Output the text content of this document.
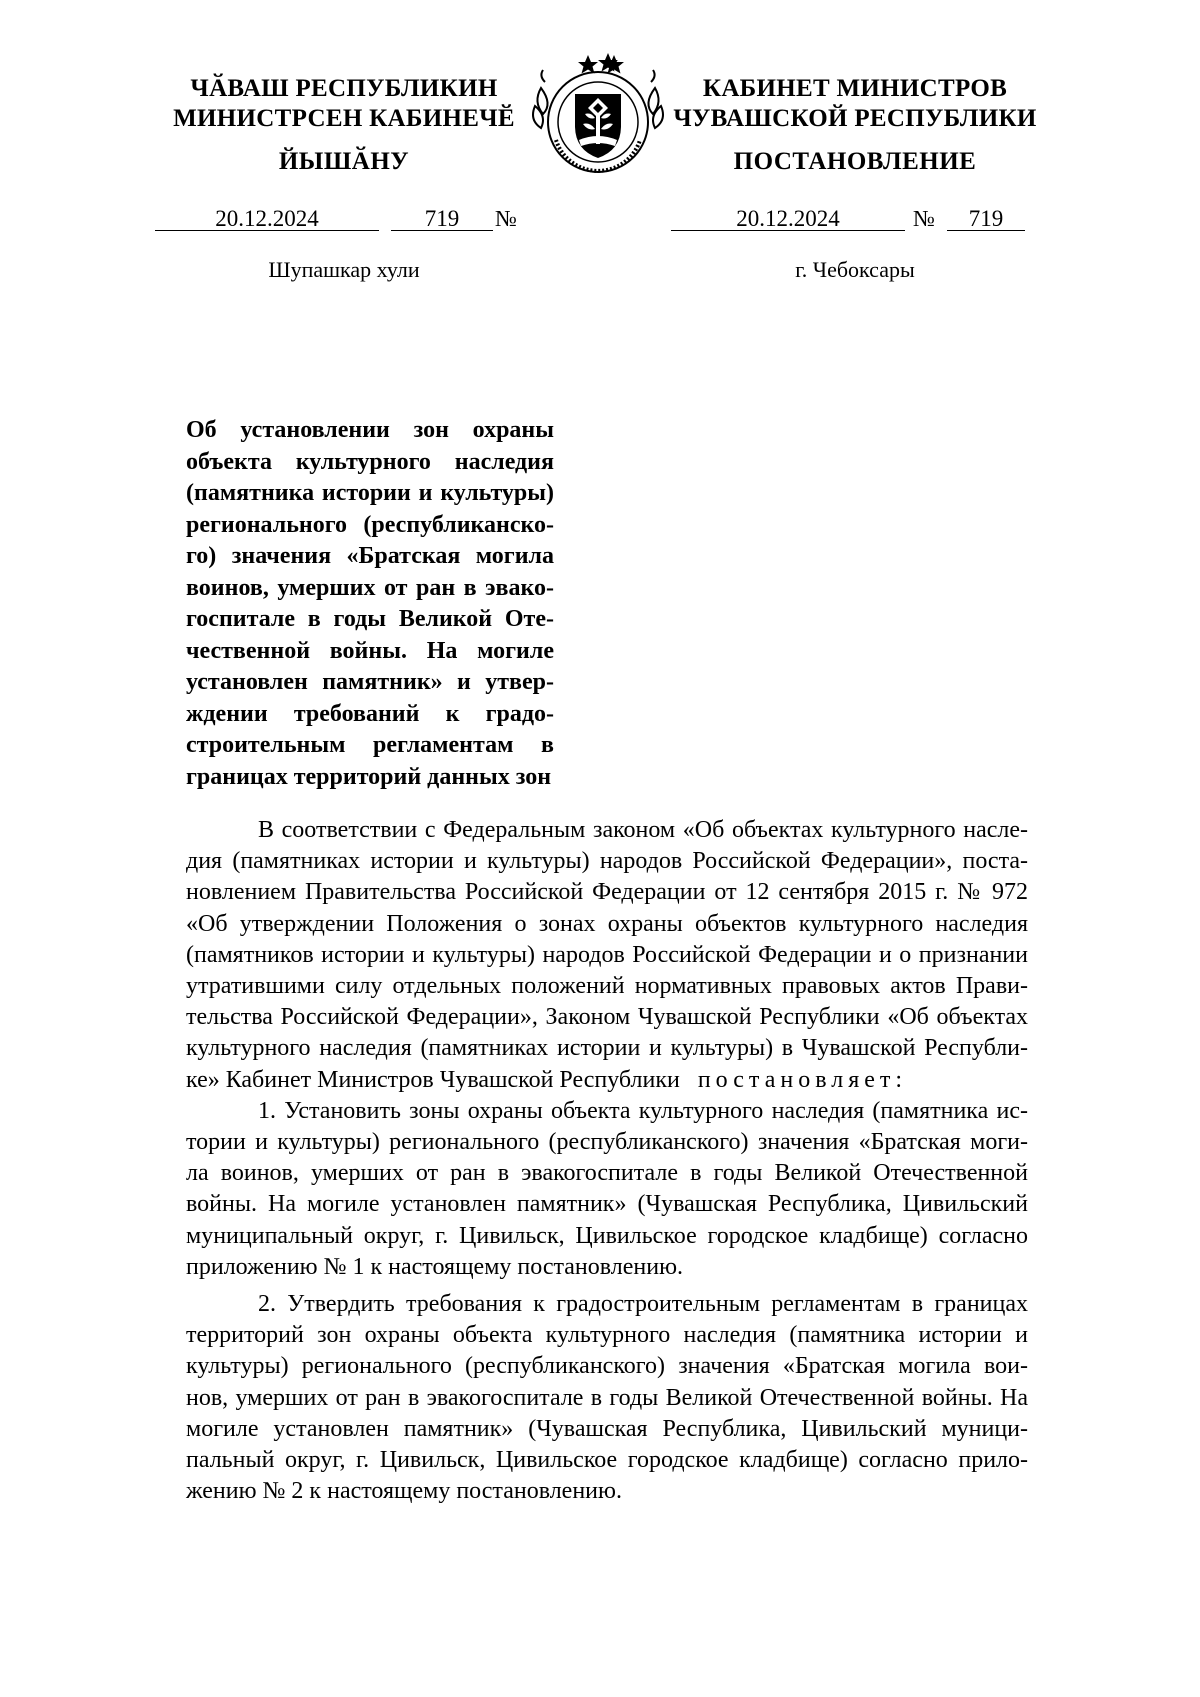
ЧӐВАШ РЕСПУБЛИКИН
МИНИСТРСЕН КАБИНЕЧӖ
ЙЫШӐНУ
КАБИНЕТ МИНИСТРОВ
ЧУВАШСКОЙ РЕСПУБЛИКИ
ПОСТАНОВЛЕНИЕ
20.12.2024	719	№	20.12.2024	№	719
Шупашкар хули	г. Чебоксары
Об установлении зон охраны
объекта культурного наследия
(памятника истории и культуры)
регионального (республиканско-
го) значения «Братская могила
воинов, умерших от ран в эвако-
госпитале в годы Великой Оте-
чественной войны. На могиле
установлен памятник» и утвер-
ждении требований к градо-
строительным регламентам в
границах территорий данных зон
В соответствии с Федеральным законом «Об объектах культурного насле-
дия (памятниках истории и культуры) народов Российской Федерации», поста-
новлением Правительства Российской Федерации от 12 сентября 2015 г. № 972
«Об утверждении Положения о зонах охраны объектов культурного наследия
(памятников истории и культуры) народов Российской Федерации и о признании
утратившими силу отдельных положений нормативных правовых актов Прави-
тельства Российской Федерации», Законом Чувашской Республики «Об объектах
культурного наследия (памятниках истории и культуры) в Чувашской Республи-
ке» Кабинет Министров Чувашской Республики постановляет:
1. Установить зоны охраны объекта культурного наследия (памятника ис-
тории и культуры) регионального (республиканского) значения «Братская моги-
ла воинов, умерших от ран в эвакогоспитале в годы Великой Отечественной
войны. На могиле установлен памятник» (Чувашская Республика, Цивильский
муниципальный округ, г. Цивильск, Цивильское городское кладбище) согласно
приложению № 1 к настоящему постановлению.
2. Утвердить требования к градостроительным регламентам в границах
территорий зон охраны объекта культурного наследия (памятника истории и
культуры) регионального (республиканского) значения «Братская могила вои-
нов, умерших от ран в эвакогоспитале в годы Великой Отечественной войны. На
могиле установлен памятник» (Чувашская Республика, Цивильский муници-
пальный округ, г. Цивильск, Цивильское городское кладбище) согласно прило-
жению № 2 к настоящему постановлению.
